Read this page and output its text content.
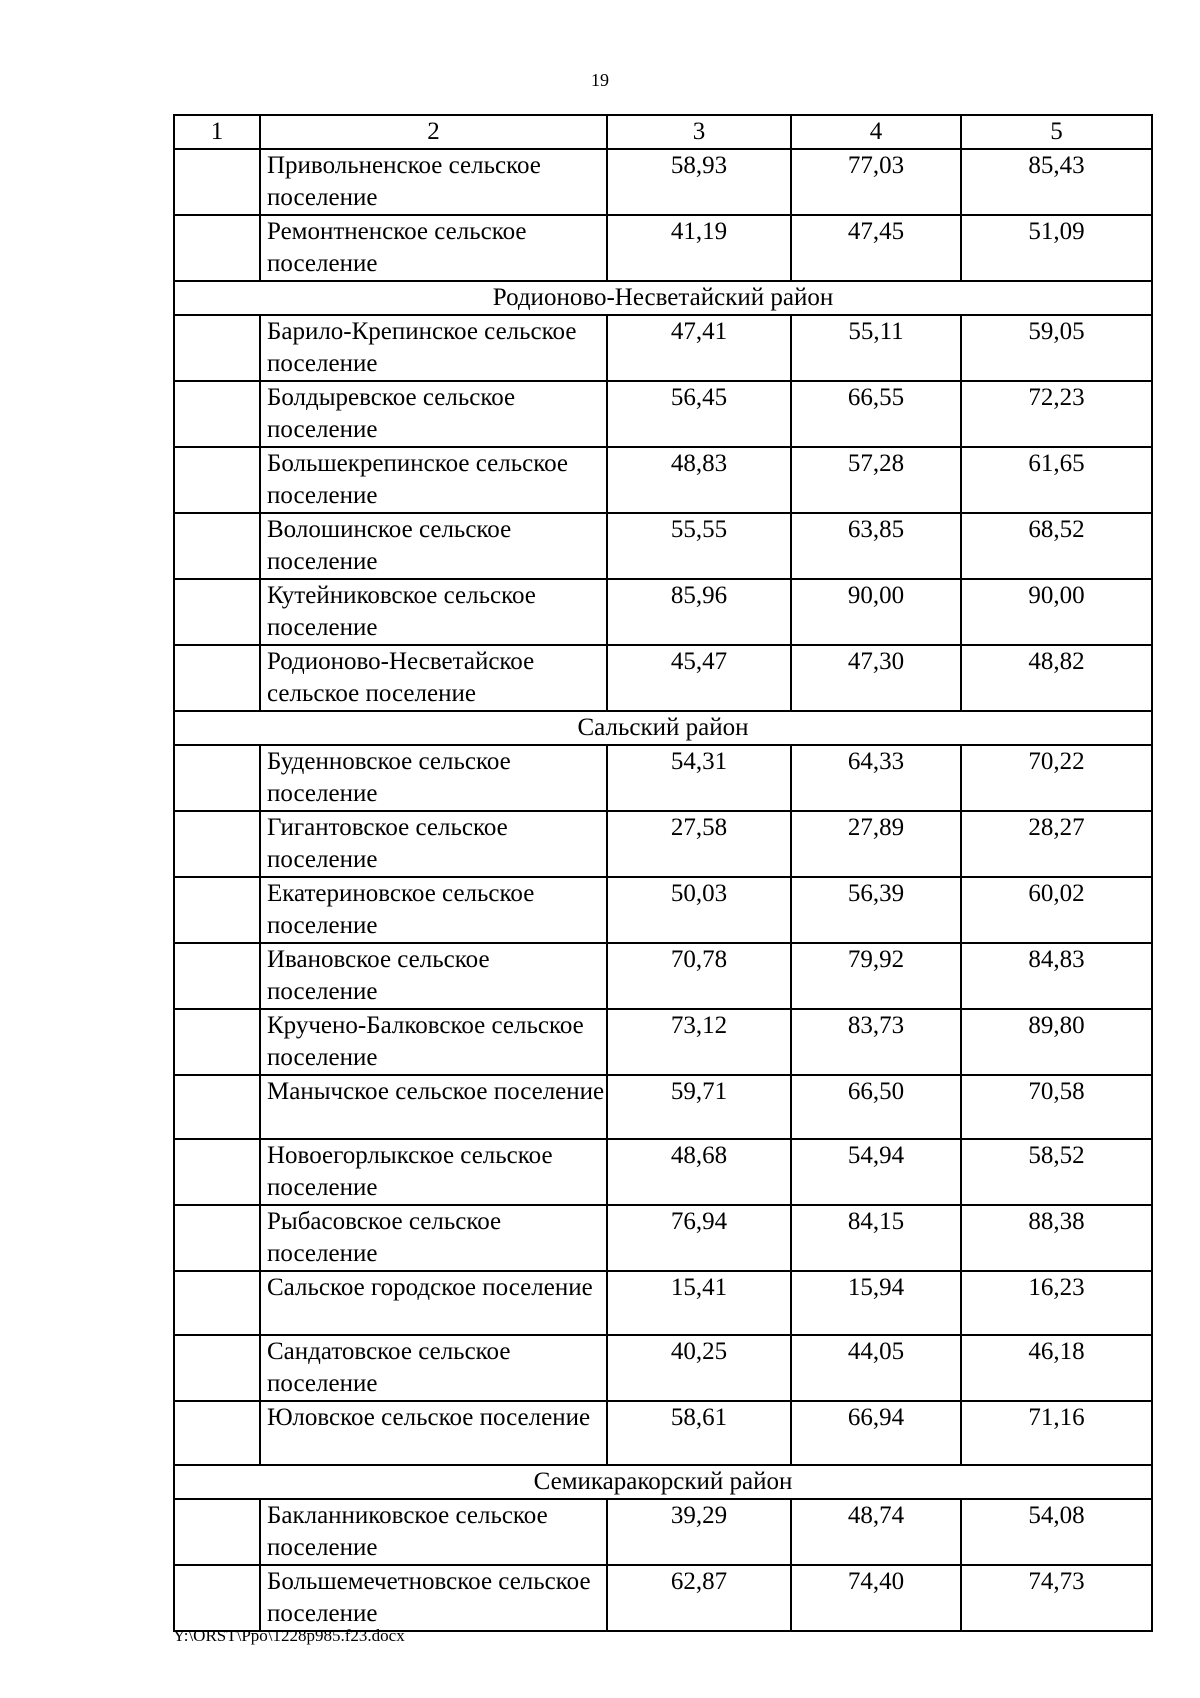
19
1	2	3	4	5
	Привольненское сельское поселение	58,93	77,03	85,43
	Ремонтненское сельское поселение	41,19	47,45	51,09
Родионово-Несветайский район				
	Барило-Крепинское сельское поселение	47,41	55,11	59,05
	Болдыревское сельское поселение	56,45	66,55	72,23
	Большекрепинское сельское поселение	48,83	57,28	61,65
	Волошинское сельское поселение	55,55	63,85	68,52
	Кутейниковское сельское поселение	85,96	90,00	90,00
	Родионово-Несветайское сельское поселение	45,47	47,30	48,82
Сальский район				
	Буденновское сельское поселение	54,31	64,33	70,22
	Гигантовское сельское поселение	27,58	27,89	28,27
	Екатериновское сельское поселение	50,03	56,39	60,02
	Ивановское сельское поселение	70,78	79,92	84,83
	Кручено-Балковское сельское поселение	73,12	83,73	89,80
	Манычское сельское поселение	59,71	66,50	70,58
	Новоегорлыкское сельское поселение	48,68	54,94	58,52
	Рыбасовское сельское поселение	76,94	84,15	88,38
	Сальское городское поселение	15,41	15,94	16,23
	Сандатовское сельское поселение	40,25	44,05	46,18
	Юловское сельское поселение	58,61	66,94	71,16
Семикаракорский район				
	Бакланниковское сельское поселение	39,29	48,74	54,08
	Большемечетновское сельское поселение	62,87	74,40	74,73
Y:\ORST\Ppo\1228p985.f23.docx
